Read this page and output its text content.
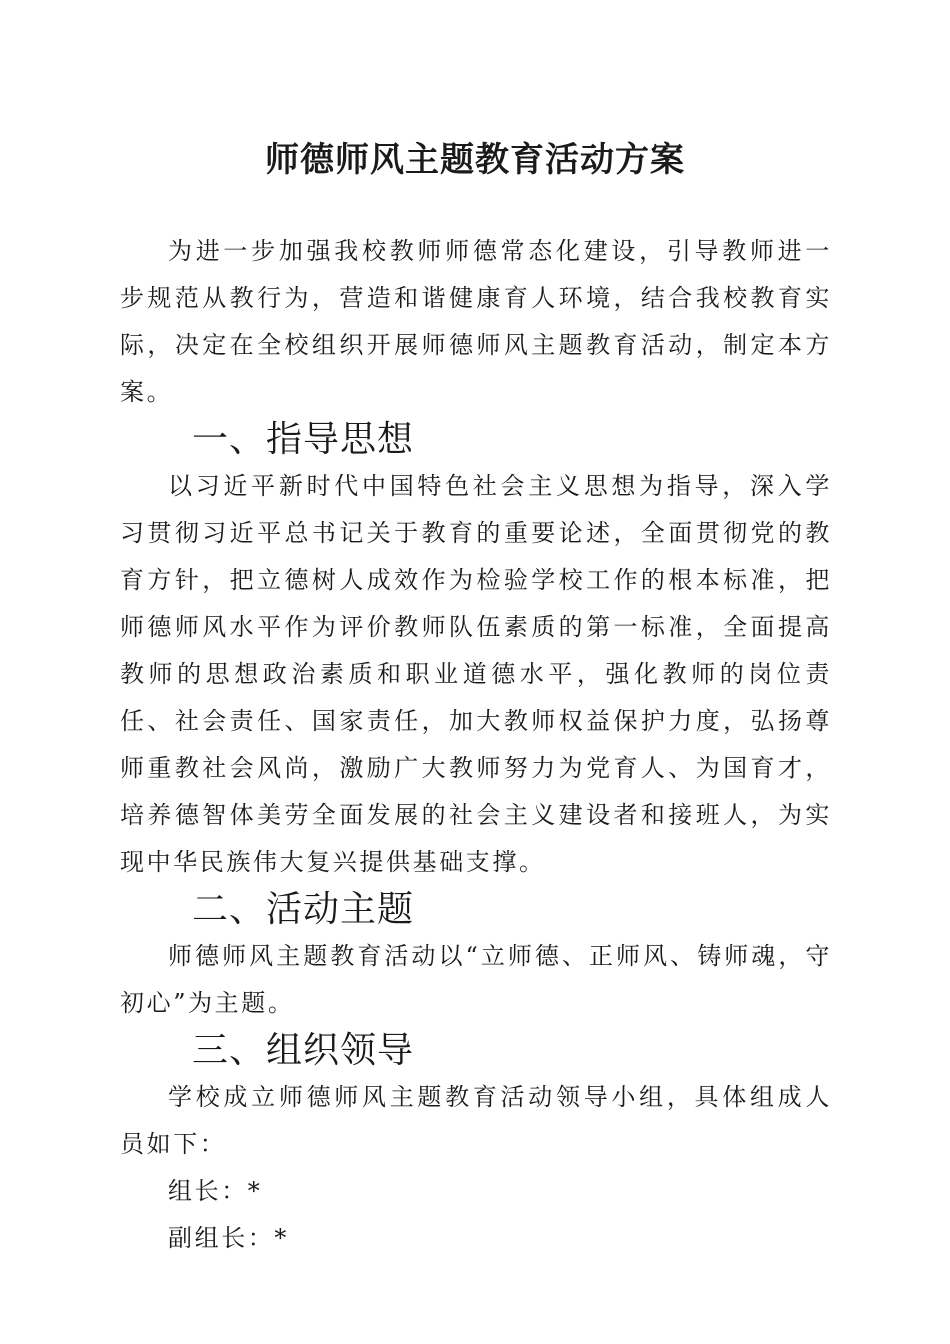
师德师风主题教育活动方案

为进一步加强我校教师师德常态化建设，引导教师进一步规范从教行为，营造和谐健康育人环境，结合我校教育实际，决定在全校组织开展师德师风主题教育活动，制定本方案。

一、指导思想

以习近平新时代中国特色社会主义思想为指导，深入学习贯彻习近平总书记关于教育的重要论述，全面贯彻党的教育方针，把立德树人成效作为检验学校工作的根本标准，把师德师风水平作为评价教师队伍素质的第一标准，全面提高教师的思想政治素质和职业道德水平，强化教师的岗位责任、社会责任、国家责任，加大教师权益保护力度，弘扬尊师重教社会风尚，激励广大教师努力为党育人、为国育才，培养德智体美劳全面发展的社会主义建设者和接班人，为实现中华民族伟大复兴提供基础支撑。

二、活动主题

师德师风主题教育活动以“立师德、正师风、铸师魂，守初心”为主题。

三、组织领导

学校成立师德师风主题教育活动领导小组，具体组成人员如下：

组长：*

副组长：*
